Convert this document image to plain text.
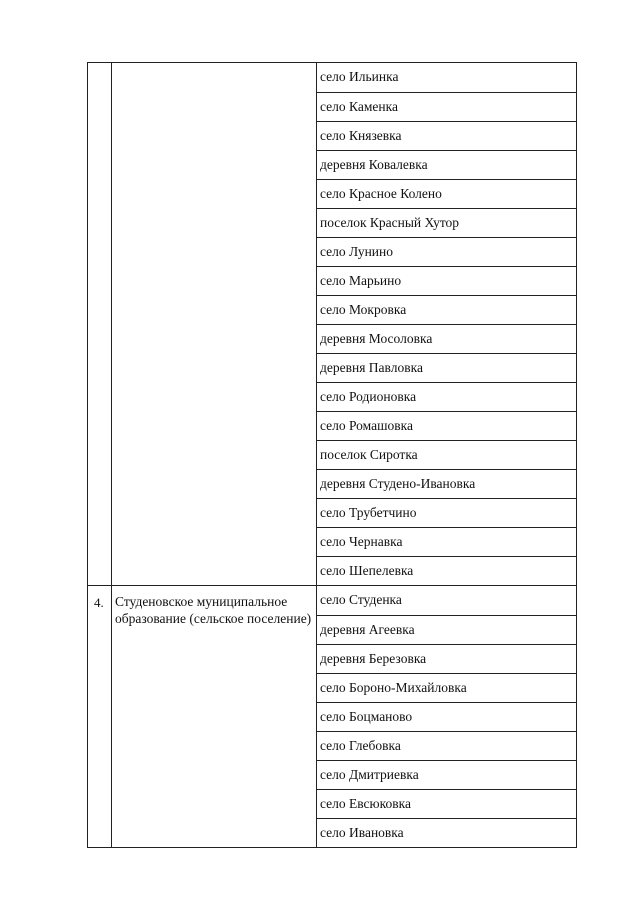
село Ильинка
село Каменка
село Князевка
деревня Ковалевка
село Красное Колено
поселок Красный Хутор
село Лунино
село Марьино
село Мокровка
деревня Мосоловка
деревня Павловка
село Родионовка
село Ромашовка
поселок Сиротка
деревня Студено-Ивановка
село Трубетчино
село Чернавка
село Шепелевка
4. Студеновское муниципальное образование (сельское поселение)
село Студенка
деревня Агеевка
деревня Березовка
село Бороно-Михайловка
село Боцманово
село Глебовка
село Дмитриевка
село Евсюковка
село Ивановка
